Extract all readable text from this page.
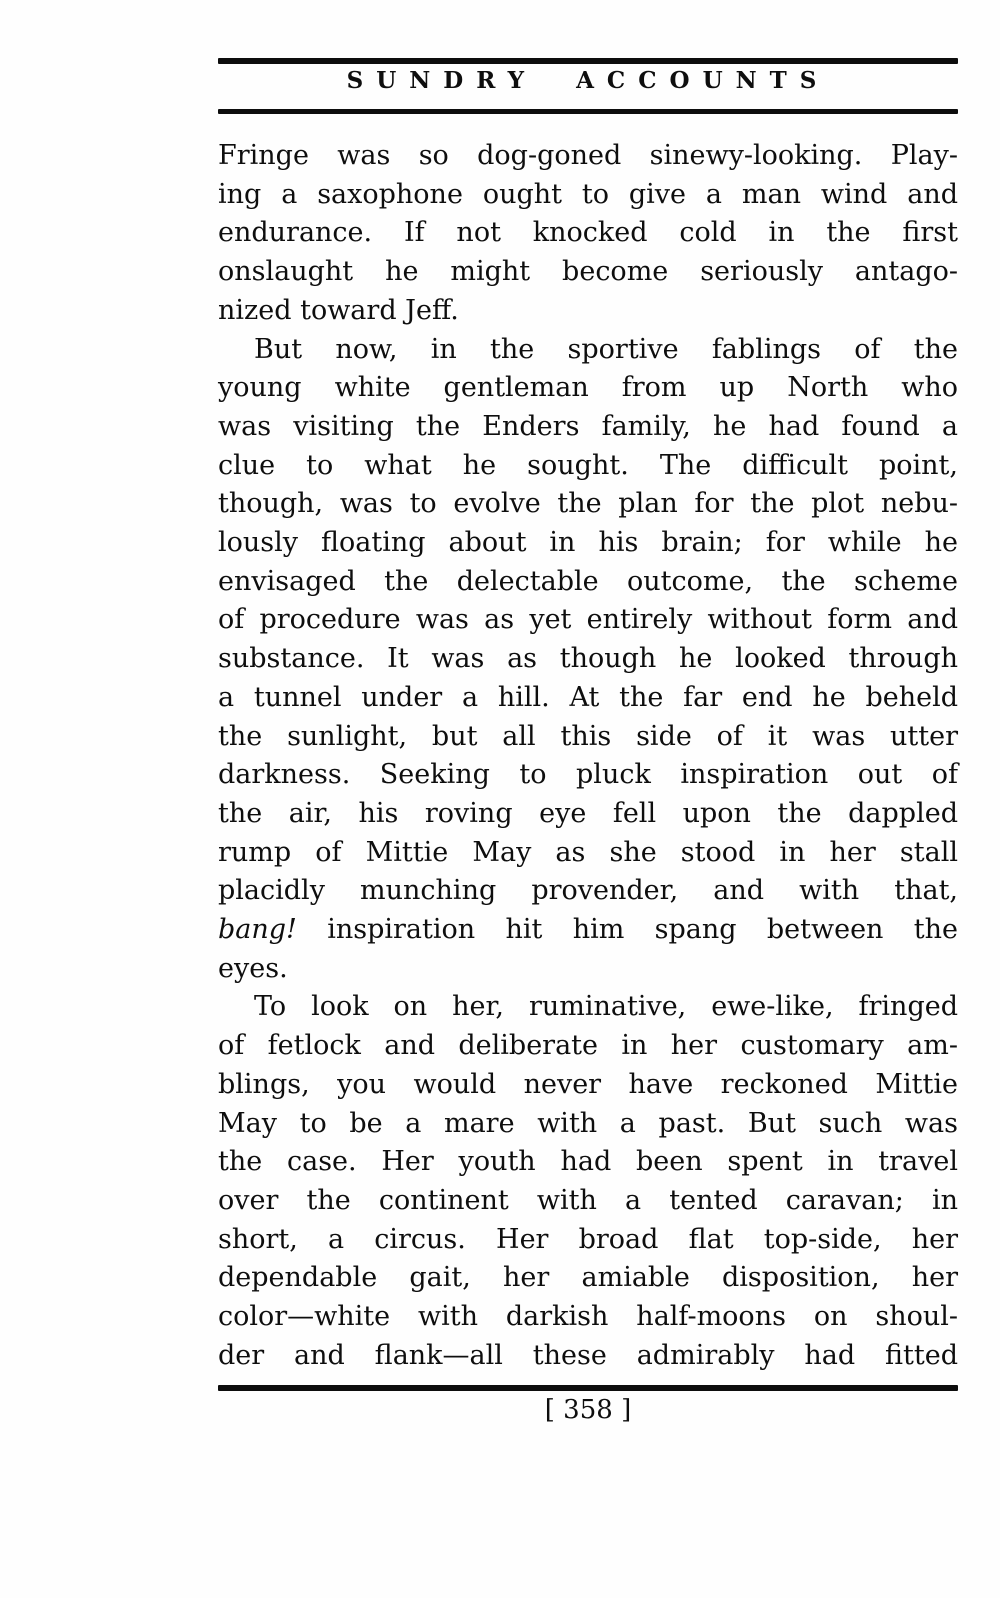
SUNDRY ACCOUNTS
Fringe was so dog-goned sinewy-looking. Play-
ing a saxophone ought to give a man wind and
endurance. If not knocked cold in the first
onslaught he might become seriously antago-
nized toward Jeff.
But now, in the sportive fablings of the
young white gentleman from up North who
was visiting the Enders family, he had found a
clue to what he sought. The difficult point,
though, was to evolve the plan for the plot nebu-
lously floating about in his brain; for while he
envisaged the delectable outcome, the scheme
of procedure was as yet entirely without form and
substance. It was as though he looked through
a tunnel under a hill. At the far end he beheld
the sunlight, but all this side of it was utter
darkness. Seeking to pluck inspiration out of
the air, his roving eye fell upon the dappled
rump of Mittie May as she stood in her stall
placidly munching provender, and with that,
bang! inspiration hit him spang between the
eyes.
To look on her, ruminative, ewe-like, fringed
of fetlock and deliberate in her customary am-
blings, you would never have reckoned Mittie
May to be a mare with a past. But such was
the case. Her youth had been spent in travel
over the continent with a tented caravan; in
short, a circus. Her broad flat top-side, her
dependable gait, her amiable disposition, her
color—white with darkish half-moons on shoul-
der and flank—all these admirably had fitted
[ 358 ]
